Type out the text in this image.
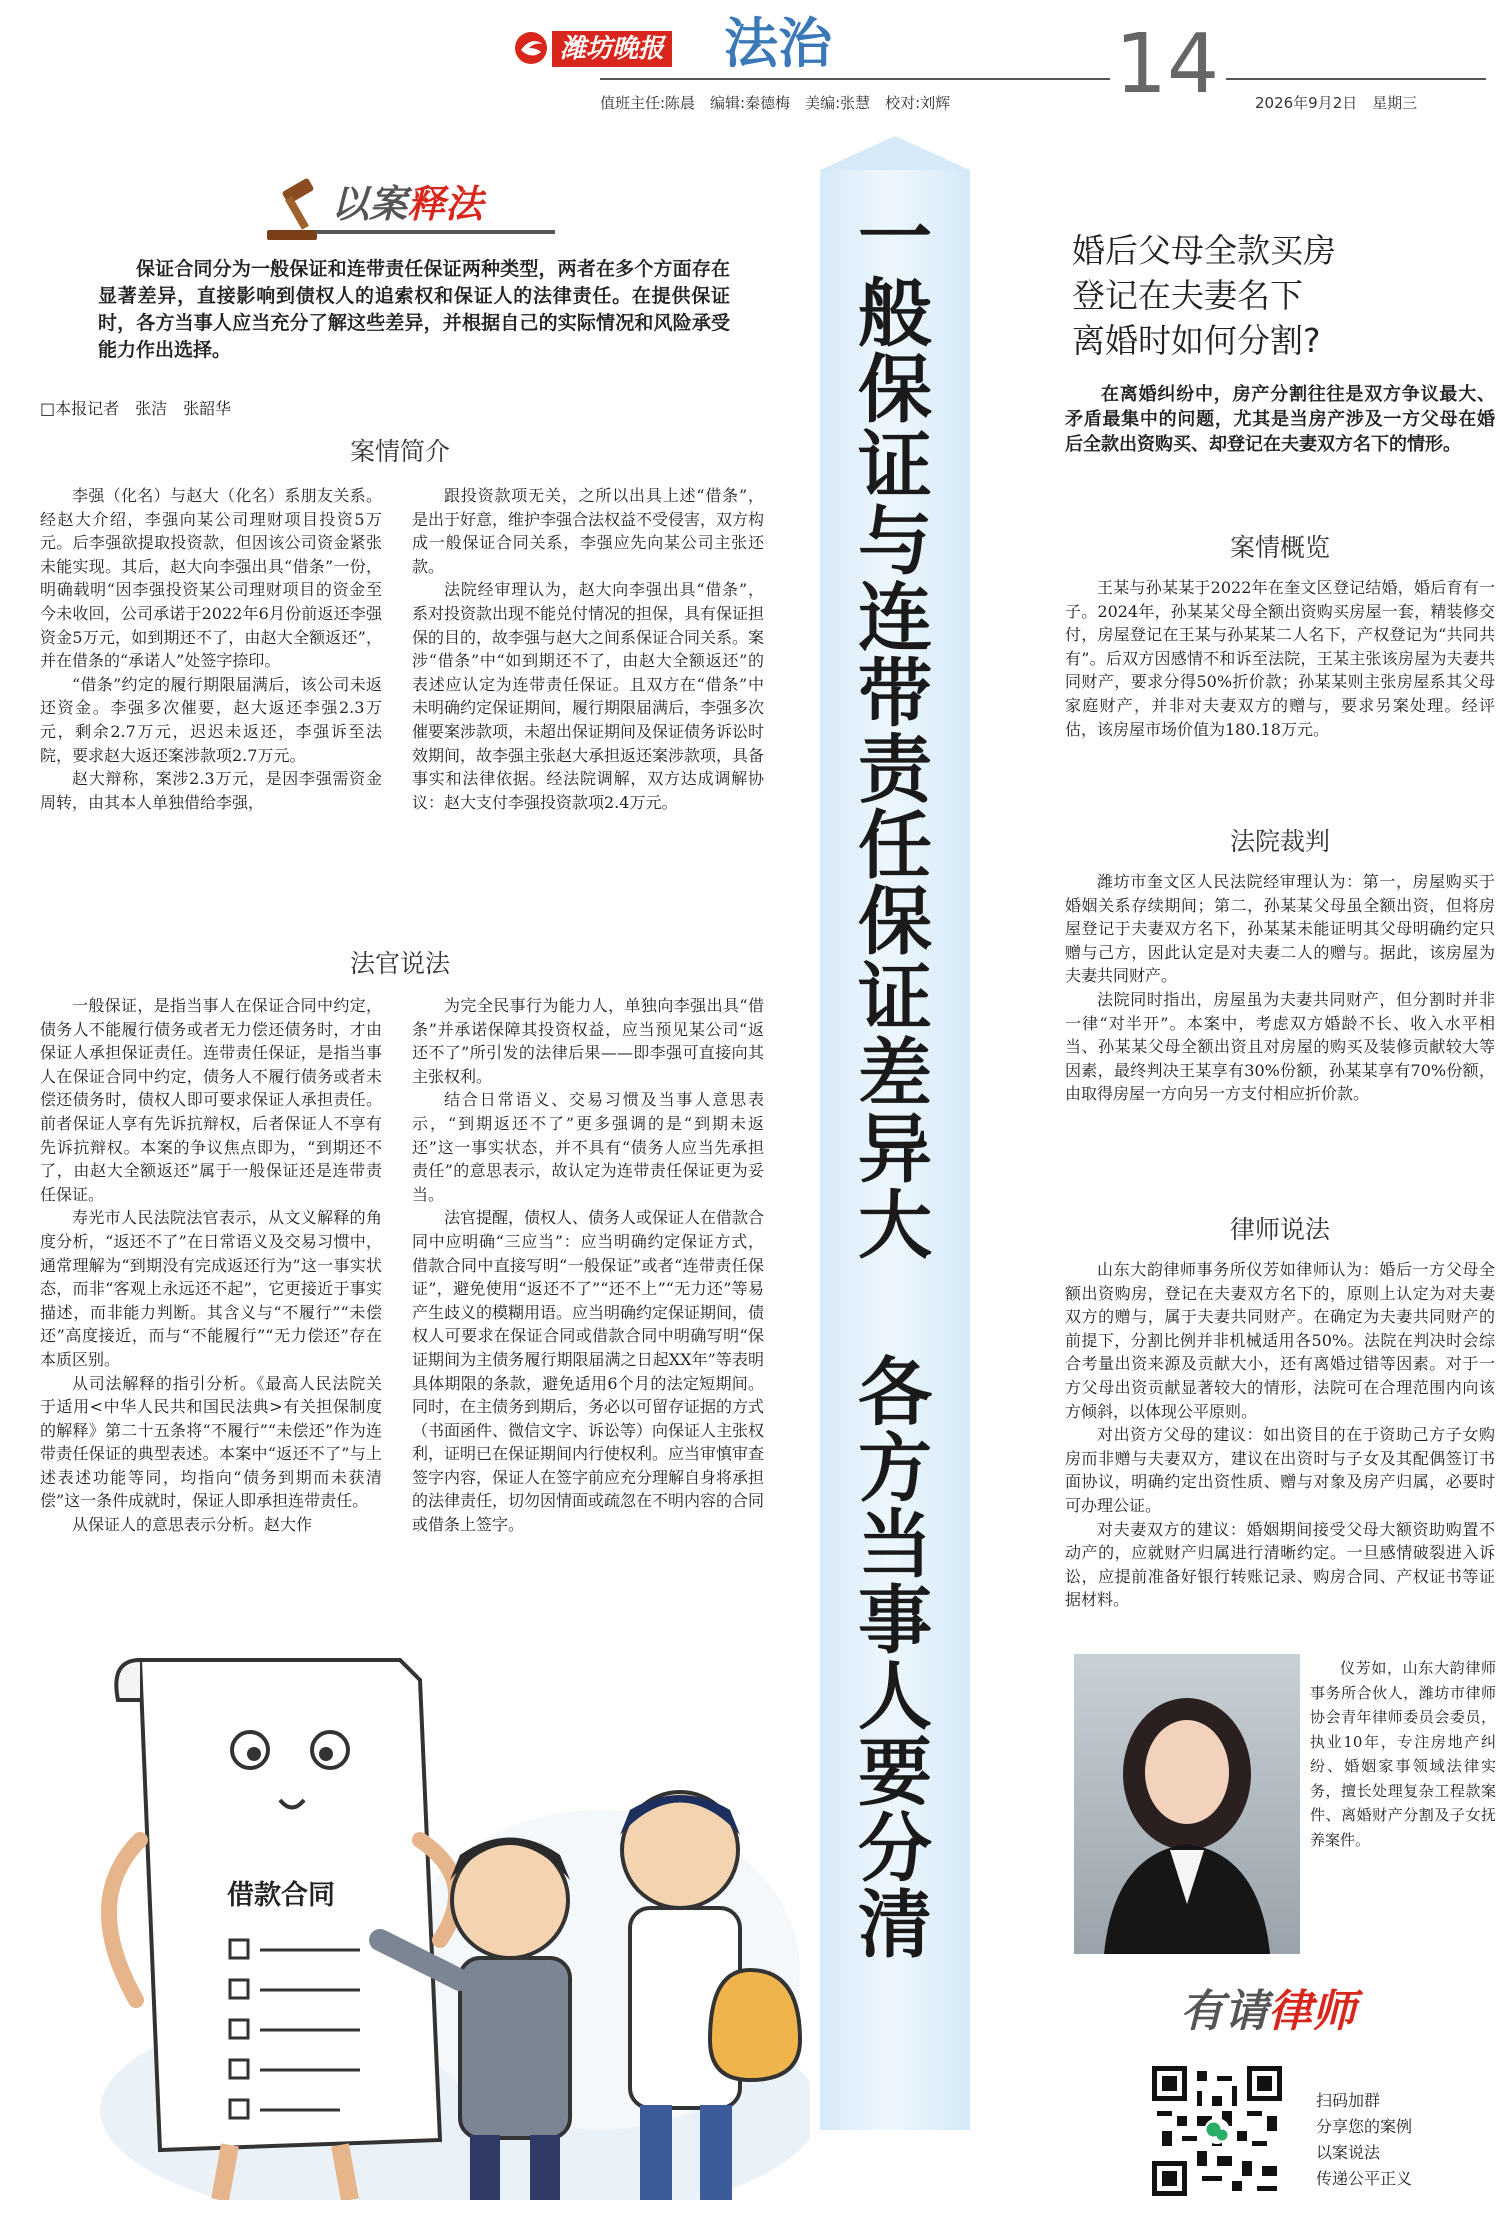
潍坊晚报 法治	14
值班主任:陈晨　编辑:秦德梅　美编:张慧　校对:刘辉	2026年9月2日　星期三
以案释法

保证合同分为一般保证和连带责任保证两种类型，两者在多个方面存在显著差异，直接影响到债权人的追索权和保证人的法律责任。在提供保证时，各方当事人应当充分了解这些差异，并根据自己的实际情况和风险承受能力作出选择。

□本报记者　张洁　张韶华
案情简介

李强（化名）与赵大（化名）系朋友关系。经赵大介绍，李强向某公司理财项目投资5万元。后李强欲提取投资款，但因该公司资金紧张未能实现。其后，赵大向李强出具“借条”一份，明确载明“因李强投资某公司理财项目的资金至今未收回，公司承诺于2022年6月份前返还李强资金5万元，如到期还不了，由赵大全额返还”，并在借条的“承诺人”处签字捺印。

“借条”约定的履行期限届满后，该公司未返还资金。李强多次催要，赵大返还李强2.3万元，剩余2.7万元，迟迟未返还，李强诉至法院，要求赵大返还案涉款项2.7万元。

赵大辩称，案涉2.3万元，是因李强需资金周转，由其本人单独借给李强，

跟投资款项无关，之所以出具上述“借条”，是出于好意，维护李强合法权益不受侵害，双方构成一般保证合同关系，李强应先向某公司主张还款。

法院经审理认为，赵大向李强出具“借条”，系对投资款出现不能兑付情况的担保，具有保证担保的目的，故李强与赵大之间系保证合同关系。案涉“借条”中“如到期还不了，由赵大全额返还”的表述应认定为连带责任保证。且双方在“借条”中未明确约定保证期间，履行期限届满后，李强多次催要案涉款项，未超出保证期间及保证债务诉讼时效期间，故李强主张赵大承担返还案涉款项，具备事实和法律依据。经法院调解，双方达成调解协议：赵大支付李强投资款项2.4万元。

法官说法

一般保证，是指当事人在保证合同中约定，债务人不能履行债务或者无力偿还债务时，才由保证人承担保证责任。连带责任保证，是指当事人在保证合同中约定，债务人不履行债务或者未偿还债务时，债权人即可要求保证人承担责任。前者保证人享有先诉抗辩权，后者保证人不享有先诉抗辩权。本案的争议焦点即为，“到期还不了，由赵大全额返还”属于一般保证还是连带责任保证。

寿光市人民法院法官表示，从文义解释的角度分析，“返还不了”在日常语义及交易习惯中，通常理解为“到期没有完成返还行为”这一事实状态，而非“客观上永远还不起”，它更接近于事实描述，而非能力判断。其含义与“不履行”“未偿还”高度接近，而与“不能履行”“无力偿还”存在本质区别。

从司法解释的指引分析。《最高人民法院关于适用<中华人民共和国民法典>有关担保制度的解释》第二十五条将“不履行”“未偿还”作为连带责任保证的典型表述。本案中“返还不了”与上述表述功能等同，均指向“债务到期而未获清偿”这一条件成就时，保证人即承担连带责任。

从保证人的意思表示分析。赵大作

为完全民事行为能力人，单独向李强出具“借条”并承诺保障其投资权益，应当预见某公司“返还不了”所引发的法律后果——即李强可直接向其主张权利。

结合日常语义、交易习惯及当事人意思表示，“到期返还不了”更多强调的是“到期未返还”这一事实状态，并不具有“债务人应当先承担责任”的意思表示，故认定为连带责任保证更为妥当。

法官提醒，债权人、债务人或保证人在借款合同中应明确“三应当”：应当明确约定保证方式，借款合同中直接写明“一般保证”或者“连带责任保证”，避免使用“返还不了”“还不上”“无力还”等易产生歧义的模糊用语。应当明确约定保证期间，债权人可要求在保证合同或借款合同中明确写明“保证期间为主债务履行期限届满之日起XX年”等表明具体期限的条款，避免适用6个月的法定短期间。同时，在主债务到期后，务必以可留存证据的方式（书面函件、微信文字、诉讼等）向保证人主张权利，证明已在保证期间内行使权利。应当审慎审查签字内容，保证人在签字前应充分理解自身将承担的法律责任，切勿因情面或疏忽在不明内容的合同或借条上签字。

借款合同
一般保证与连带责任保证差异大
各方当事人要分清
婚后父母全款买房
登记在夫妻名下
离婚时如何分割?

在离婚纠纷中，房产分割往往是双方争议最大、矛盾最集中的问题，尤其是当房产涉及一方父母在婚后全款出资购买、却登记在夫妻双方名下的情形。

案情概览

王某与孙某某于2022年在奎文区登记结婚，婚后育有一子。2024年，孙某某父母全额出资购买房屋一套，精装修交付，房屋登记在王某与孙某某二人名下，产权登记为“共同共有”。后双方因感情不和诉至法院，王某主张该房屋为夫妻共同财产，要求分得50%折价款；孙某某则主张房屋系其父母家庭财产，并非对夫妻双方的赠与，要求另案处理。经评估，该房屋市场价值为180.18万元。

法院裁判

潍坊市奎文区人民法院经审理认为：第一，房屋购买于婚姻关系存续期间；第二，孙某某父母虽全额出资，但将房屋登记于夫妻双方名下，孙某某未能证明其父母明确约定只赠与己方，因此认定是对夫妻二人的赠与。据此，该房屋为夫妻共同财产。

法院同时指出，房屋虽为夫妻共同财产，但分割时并非一律“对半开”。本案中，考虑双方婚龄不长、收入水平相当、孙某某父母全额出资且对房屋的购买及装修贡献较大等因素，最终判决王某享有30%份额，孙某某享有70%份额，由取得房屋一方向另一方支付相应折价款。

律师说法

山东大韵律师事务所仪芳如律师认为：婚后一方父母全额出资购房，登记在夫妻双方名下的，原则上认定为对夫妻双方的赠与，属于夫妻共同财产。在确定为夫妻共同财产的前提下，分割比例并非机械适用各50%。法院在判决时会综合考量出资来源及贡献大小，还有离婚过错等因素。对于一方父母出资贡献显著较大的情形，法院可在合理范围内向该方倾斜，以体现公平原则。

对出资方父母的建议：如出资目的在于资助己方子女购房而非赠与夫妻双方，建议在出资时与子女及其配偶签订书面协议，明确约定出资性质、赠与对象及房产归属，必要时可办理公证。

对夫妻双方的建议：婚姻期间接受父母大额资助购置不动产的，应就财产归属进行清晰约定。一旦感情破裂进入诉讼，应提前准备好银行转账记录、购房合同、产权证书等证据材料。

仪芳如，山东大韵律师事务所合伙人，潍坊市律师协会青年律师委员会委员，执业10年，专注房地产纠纷、婚姻家事领域法律实务，擅长处理复杂工程款案件、离婚财产分割及子女抚养案件。
有请律师
扫码加群
分享您的案例
以案说法
传递公平正义
